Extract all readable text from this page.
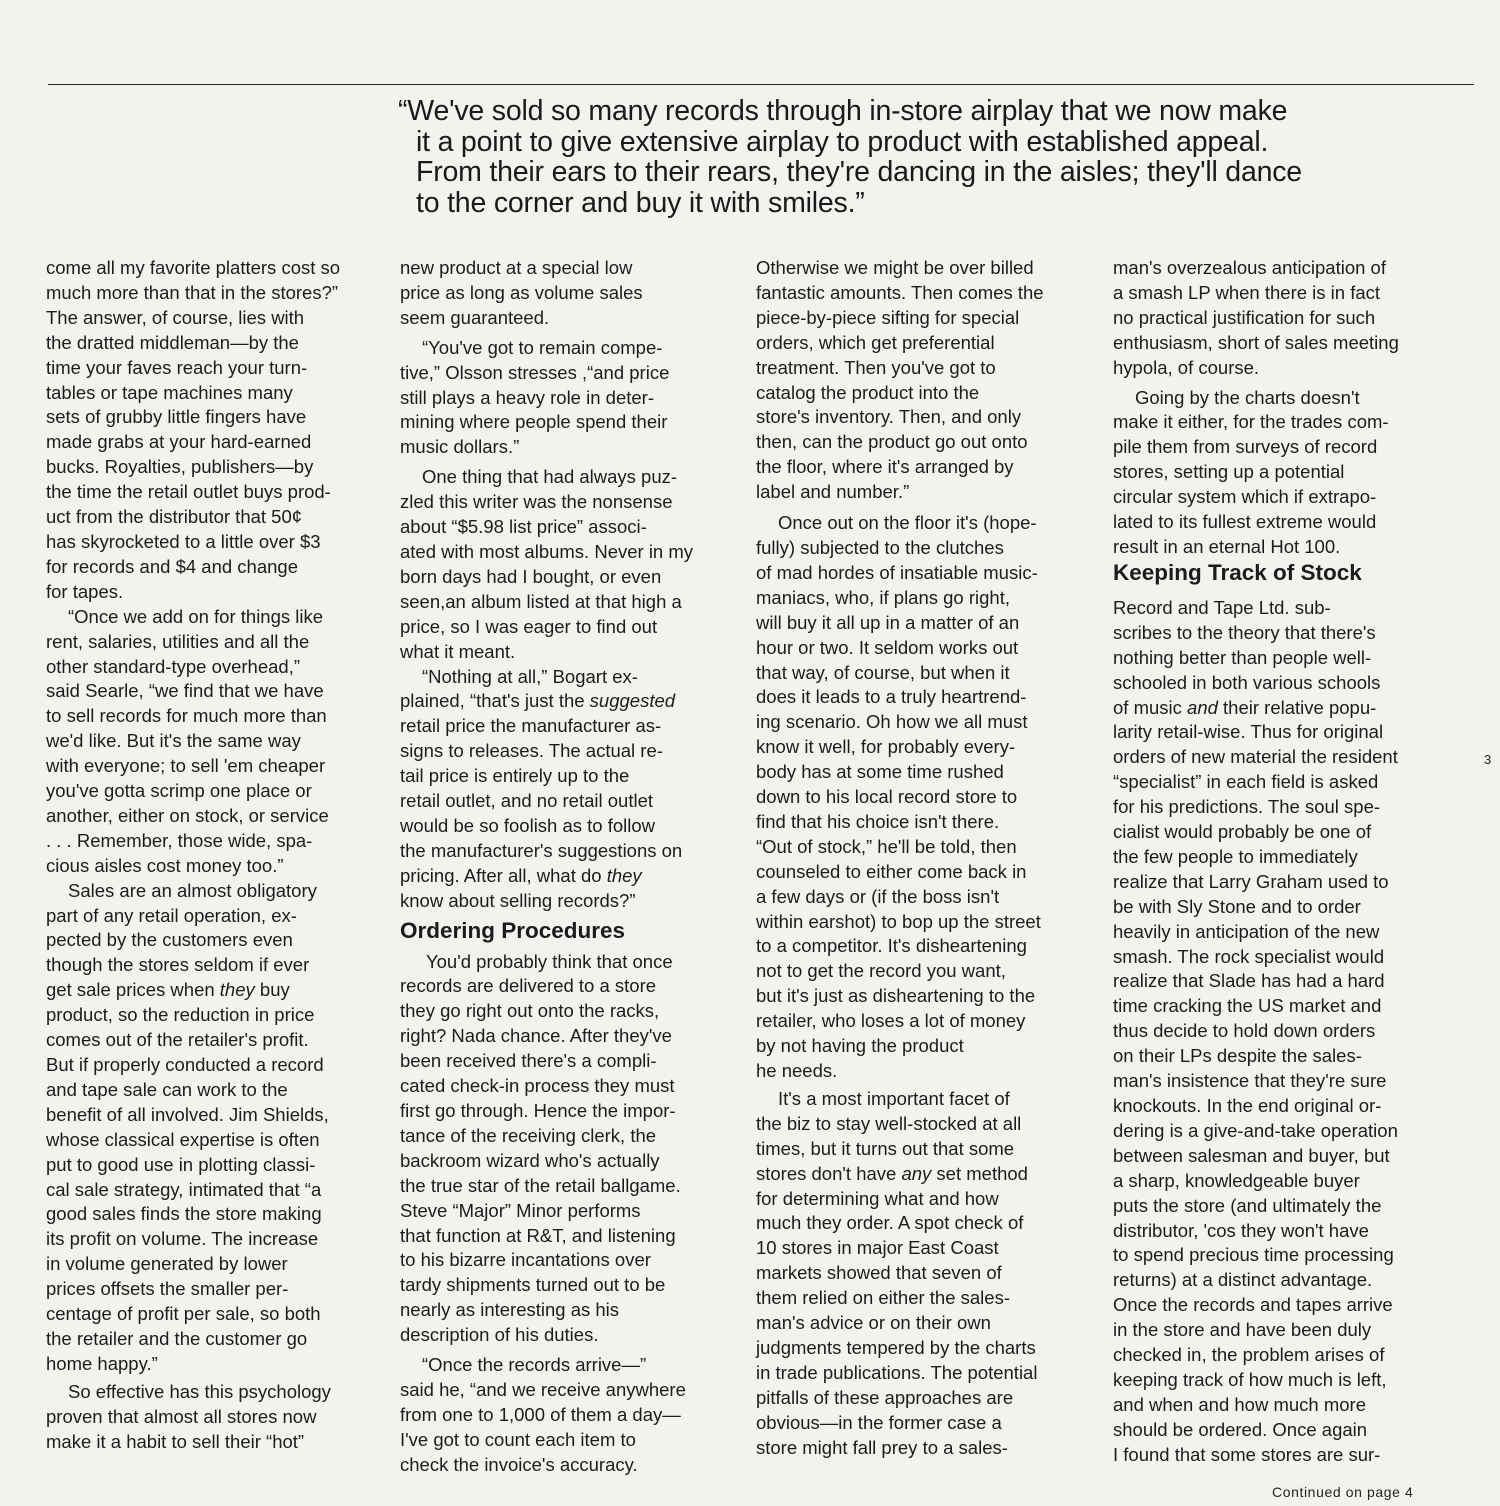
“We've sold so many records through in-store airplay that we now make
it a point to give extensive airplay to product with established appeal.
From their ears to their rears, they're dancing in the aisles; they'll dance
to the corner and buy it with smiles.”

come all my favorite platters cost so
much more than that in the stores?”
The answer, of course, lies with
the dratted middleman—by the
time your faves reach your turn-
tables or tape machines many
sets of grubby little fingers have
made grabs at your hard-earned
bucks. Royalties, publishers—by
the time the retail outlet buys prod-
uct from the distributor that 50¢
has skyrocketed to a little over $3
for records and $4 and change
for tapes.

“Once we add on for things like
rent, salaries, utilities and all the
other standard-type overhead,”
said Searle, “we find that we have
to sell records for much more than
we'd like. But it's the same way
with everyone; to sell 'em cheaper
you've gotta scrimp one place or
another, either on stock, or service
. . . Remember, those wide, spa-
cious aisles cost money too.”

Sales are an almost obligatory

part of any retail operation, ex-
pected by the customers even
though the stores seldom if ever
get sale prices when they buy
product, so the reduction in price
comes out of the retailer's profit.
But if properly conducted a record
and tape sale can work to the
benefit of all involved. Jim Shields,
whose classical expertise is often
put to good use in plotting classi-
cal sale strategy, intimated that “a
good sales finds the store making
its profit on volume. The increase
in volume generated by lower
prices offsets the smaller per-
centage of profit per sale, so both
the retailer and the customer go
home happy.”

So effective has this psychology
proven that almost all stores now
make it a habit to sell their “hot”

new product at a special low
price as long as volume sales
seem guaranteed.

“You've got to remain compe-
tive,” Olsson stresses ,“and price
still plays a heavy role in deter-
mining where people spend their
music dollars.”

One thing that had always puz-
zled this writer was the nonsense
about “$5.98 list price” associ-
ated with most albums. Never in my
born days had I bought, or even
seen,an album listed at that high a
price, so I was eager to find out
what it meant.

“Nothing at all,” Bogart ex-
plained, “that's just the suggested
retail price the manufacturer as-
signs to releases. The actual re-
tail price is entirely up to the
retail outlet, and no retail outlet
would be so foolish as to follow
the manufacturer's suggestions on
pricing. After all, what do they
know about selling records?”

Ordering Procedures

You'd probably think that once
records are delivered to a store
they go right out onto the racks,
right? Nada chance. After they've
been received there's a compli-
cated check-in process they must
first go through. Hence the impor-
tance of the receiving clerk, the
backroom wizard who's actually
the true star of the retail ballgame.
Steve “Major” Minor performs
that function at R&T, and listening
to his bizarre incantations over
tardy shipments turned out to be
nearly as interesting as his
description of his duties.

“Once the records arrive—”
said he, “and we receive anywhere
from one to 1,000 of them a day—
I've got to count each item to
check the invoice's accuracy.

Otherwise we might be over billed
fantastic amounts. Then comes the
piece-by-piece sifting for special
orders, which get preferential
treatment. Then you've got to
catalog the product into the
store's inventory. Then, and only
then, can the product go out onto
the floor, where it's arranged by
label and number.”

Once out on the floor it's (hope-
fully) subjected to the clutches
of mad hordes of insatiable music-
maniacs, who, if plans go right,
will buy it all up in a matter of an
hour or two. It seldom works out
that way, of course, but when it
does it leads to a truly heartrend-
ing scenario. Oh how we all must
know it well, for probably every-
body has at some time rushed
down to his local record store to
find that his choice isn't there.
“Out of stock,” he'll be told, then
counseled to either come back in
a few days or (if the boss isn't
within earshot) to bop up the street
to a competitor. It's disheartening
not to get the record you want,
but it's just as disheartening to the
retailer, who loses a lot of money
by not having the product
he needs.

It's a most important facet of
the biz to stay well-stocked at all
times, but it turns out that some
stores don't have any set method
for determining what and how
much they order. A spot check of
10 stores in major East Coast
markets showed that seven of
them relied on either the sales-
man's advice or on their own
judgments tempered by the charts
in trade publications. The potential
pitfalls of these approaches are
obvious—in the former case a
store might fall prey to a sales-

man's overzealous anticipation of
a smash LP when there is in fact
no practical justification for such
enthusiasm, short of sales meeting
hypola, of course.

Going by the charts doesn't
make it either, for the trades com-
pile them from surveys of record
stores, setting up a potential
circular system which if extrapo-
lated to its fullest extreme would
result in an eternal Hot 100.

Keeping Track of Stock

Record and Tape Ltd. sub-
scribes to the theory that there's
nothing better than people well-
schooled in both various schools
of music and their relative popu-
larity retail-wise. Thus for original
orders of new material the resident
“specialist” in each field is asked
for his predictions. The soul spe-
cialist would probably be one of
the few people to immediately
realize that Larry Graham used to
be with Sly Stone and to order
heavily in anticipation of the new
smash. The rock specialist would
realize that Slade has had a hard
time cracking the US market and
thus decide to hold down orders
on their LPs despite the sales-
man's insistence that they're sure
knockouts. In the end original or-
dering is a give-and-take operation
between salesman and buyer, but
a sharp, knowledgeable buyer
puts the store (and ultimately the
distributor, 'cos they won't have
to spend precious time processing
returns) at a distinct advantage.
Once the records and tapes arrive
in the store and have been duly
checked in, the problem arises of
keeping track of how much is left,
and when and how much more
should be ordered. Once again
I found that some stores are sur-

3
Continued on page 4
